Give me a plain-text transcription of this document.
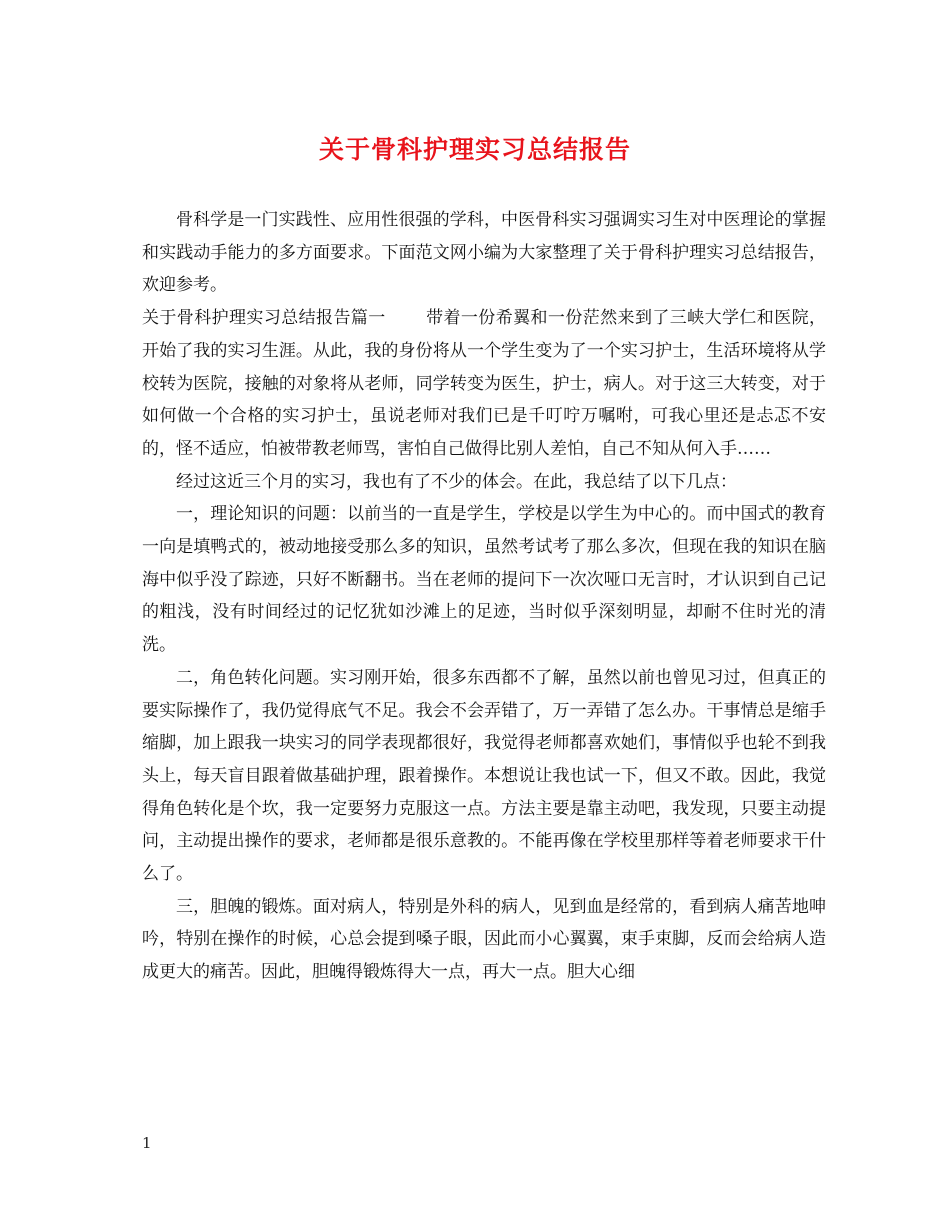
关于骨科护理实习总结报告

骨科学是一门实践性、应用性很强的学科，中医骨科实习强调实习生对中医理论的掌握和实践动手能力的多方面要求。下面范文网小编为大家整理了关于骨科护理实习总结报告，欢迎参考。

关于骨科护理实习总结报告篇一 带着一份希翼和一份茫然来到了三峡大学仁和医院，开始了我的实习生涯。从此，我的身份将从一个学生变为了一个实习护士，生活环境将从学校转为医院，接触的对象将从老师，同学转变为医生，护士，病人。对于这三大转变，对于如何做一个合格的实习护士，虽说老师对我们已是千叮咛万嘱咐，可我心里还是忐忑不安的，怪不适应，怕被带教老师骂，害怕自己做得比别人差怕，自己不知从何入手……

经过这近三个月的实习，我也有了不少的体会。在此，我总结了以下几点：

一，理论知识的问题：以前当的一直是学生，学校是以学生为中心的。而中国式的教育一向是填鸭式的，被动地接受那么多的知识，虽然考试考了那么多次，但现在我的知识在脑海中似乎没了踪迹，只好不断翻书。当在老师的提问下一次次哑口无言时，才认识到自己记的粗浅，没有时间经过的记忆犹如沙滩上的足迹，当时似乎深刻明显，却耐不住时光的清洗。

二，角色转化问题。实习刚开始，很多东西都不了解，虽然以前也曾见习过，但真正的要实际操作了，我仍觉得底气不足。我会不会弄错了，万一弄错了怎么办。干事情总是缩手缩脚，加上跟我一块实习的同学表现都很好，我觉得老师都喜欢她们，事情似乎也轮不到我头上，每天盲目跟着做基础护理，跟着操作。本想说让我也试一下，但又不敢。因此，我觉得角色转化是个坎，我一定要努力克服这一点。方法主要是靠主动吧，我发现，只要主动提问，主动提出操作的要求，老师都是很乐意教的。不能再像在学校里那样等着老师要求干什么了。

三，胆魄的锻炼。面对病人，特别是外科的病人，见到血是经常的，看到病人痛苦地呻吟，特别在操作的时候，心总会提到嗓子眼，因此而小心翼翼，束手束脚，反而会给病人造成更大的痛苦。因此，胆魄得锻炼得大一点，再大一点。胆大心细

1
